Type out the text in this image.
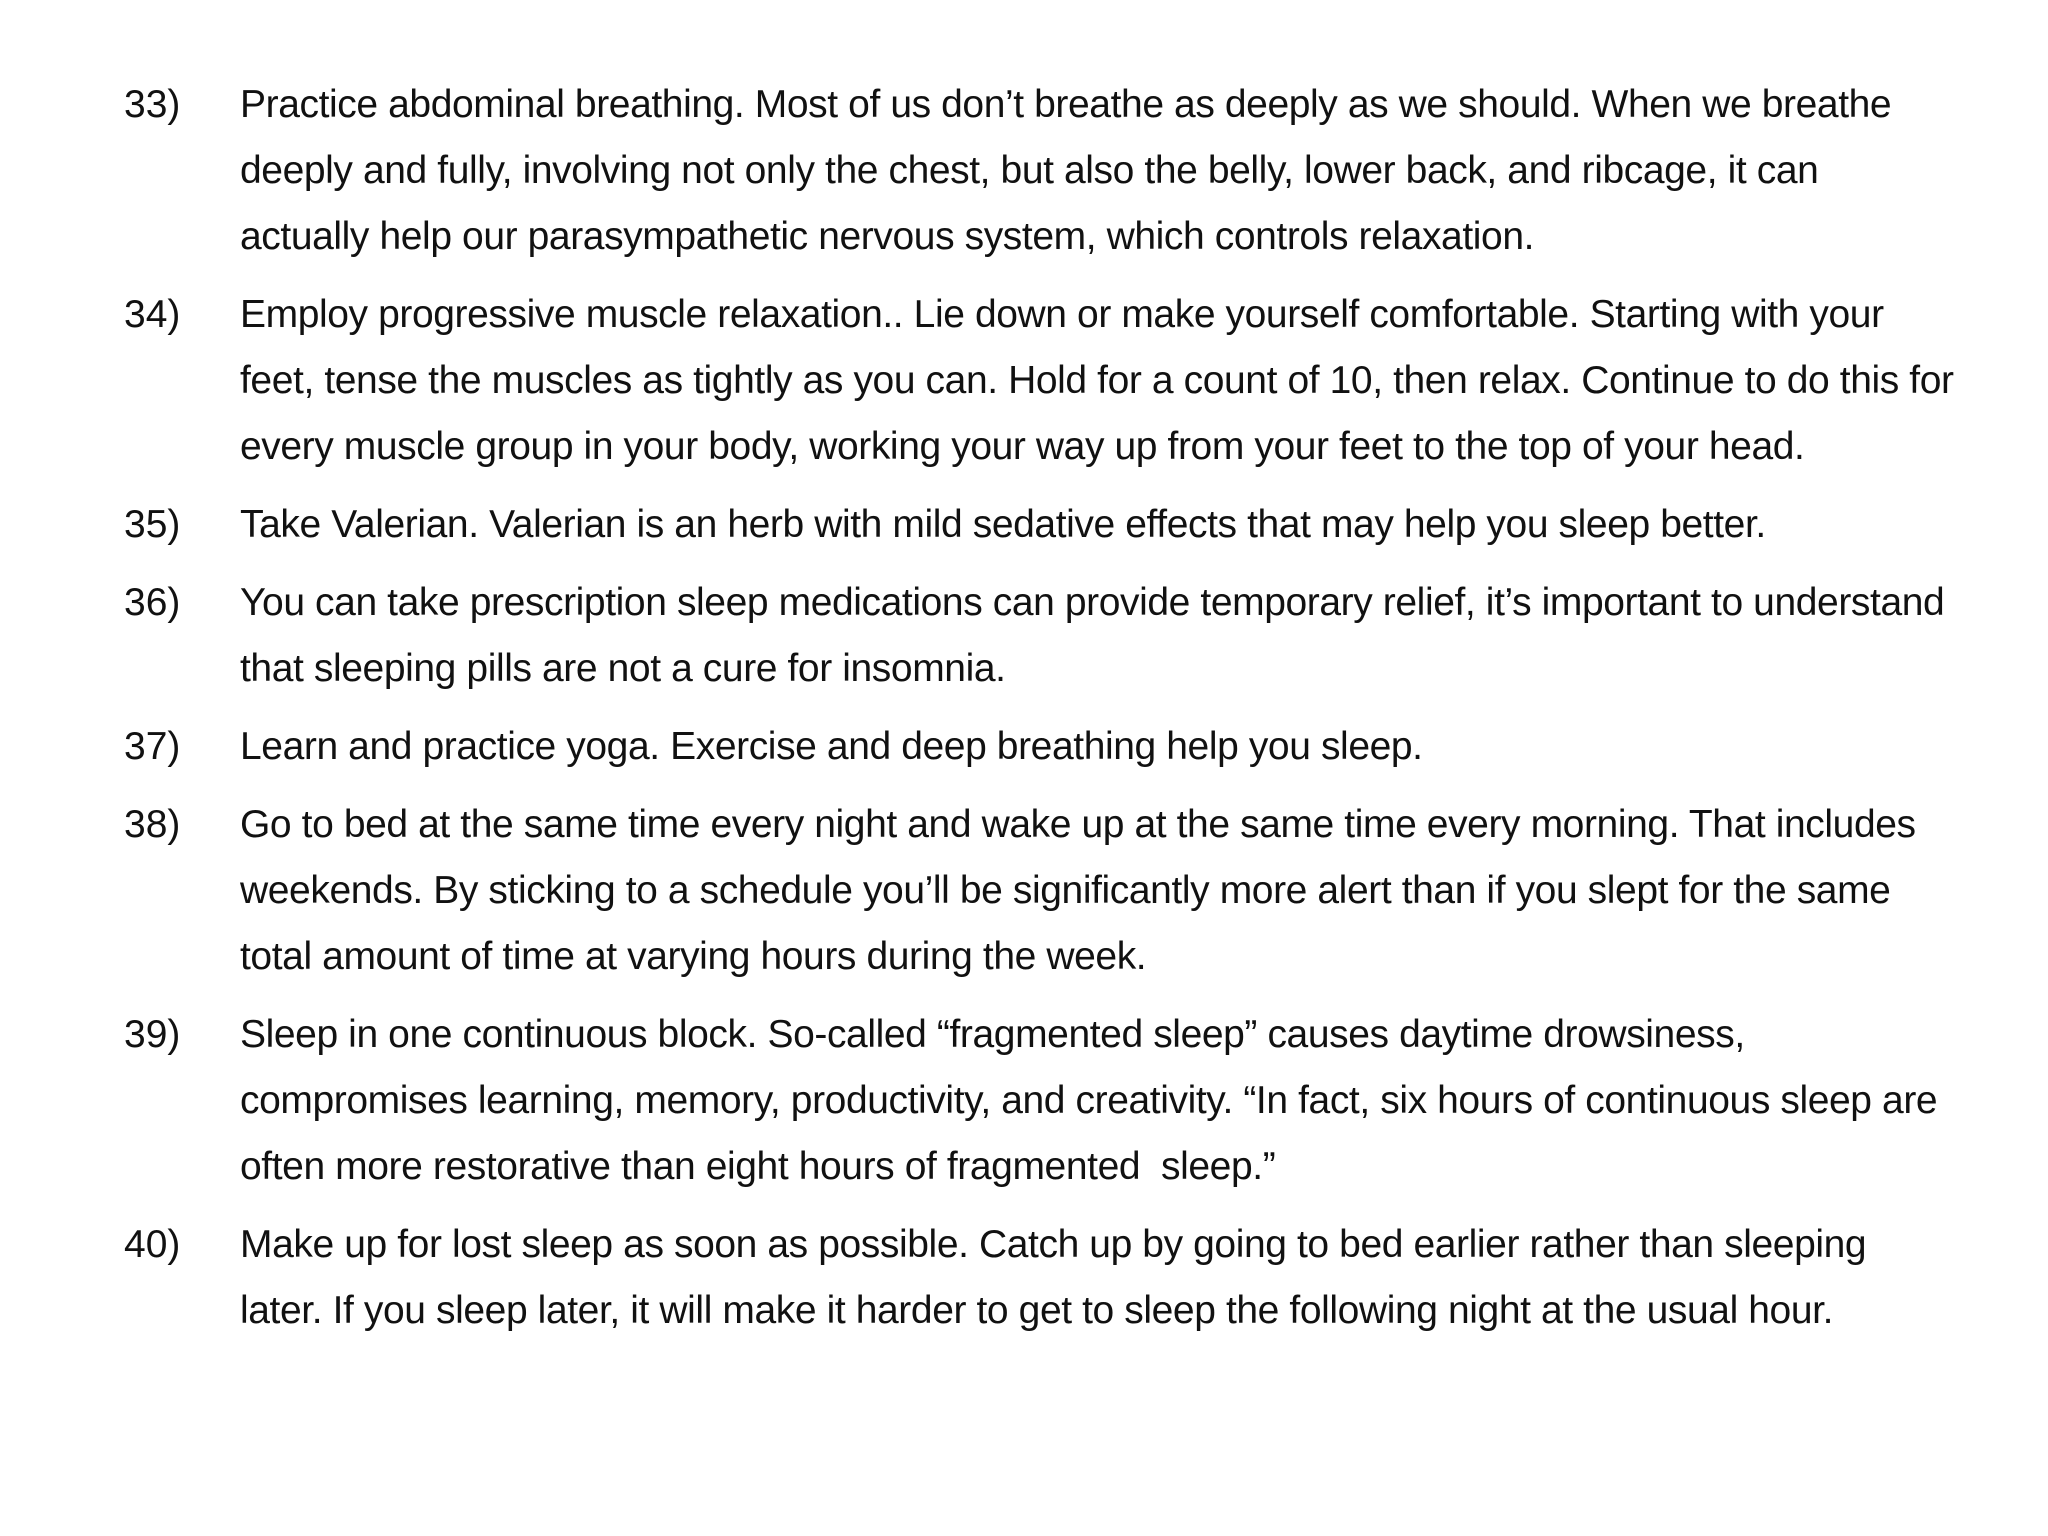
33)	Practice abdominal breathing. Most of us don’t breathe as deeply as we should. When we breathe deeply and fully, involving not only the chest, but also the belly, lower back, and ribcage, it can actually help our parasympathetic nervous system, which controls relaxation.
34)	Employ progressive muscle relaxation.. Lie down or make yourself comfortable. Starting with your feet, tense the muscles as tightly as you can. Hold for a count of 10, then relax. Continue to do this for every muscle group in your body, working your way up from your feet to the top of your head.
35)	Take Valerian. Valerian is an herb with mild sedative effects that may help you sleep better.
36)	You can take prescription sleep medications can provide temporary relief, it’s important to understand that sleeping pills are not a cure for insomnia.
37)	Learn and practice yoga. Exercise and deep breathing help you sleep.
38)	Go to bed at the same time every night and wake up at the same time every morning. That includes weekends. By sticking to a schedule you’ll be significantly more alert than if you slept for the same total amount of time at varying hours during the week.
39)	Sleep in one continuous block. So-called “fragmented sleep” causes daytime drowsiness, compromises learning, memory, productivity, and creativity. “In fact, six hours of continuous sleep are often more restorative than eight hours of fragmented  sleep.”
40)	Make up for lost sleep as soon as possible. Catch up by going to bed earlier rather than sleeping later. If you sleep later, it will make it harder to get to sleep the following night at the usual hour.
